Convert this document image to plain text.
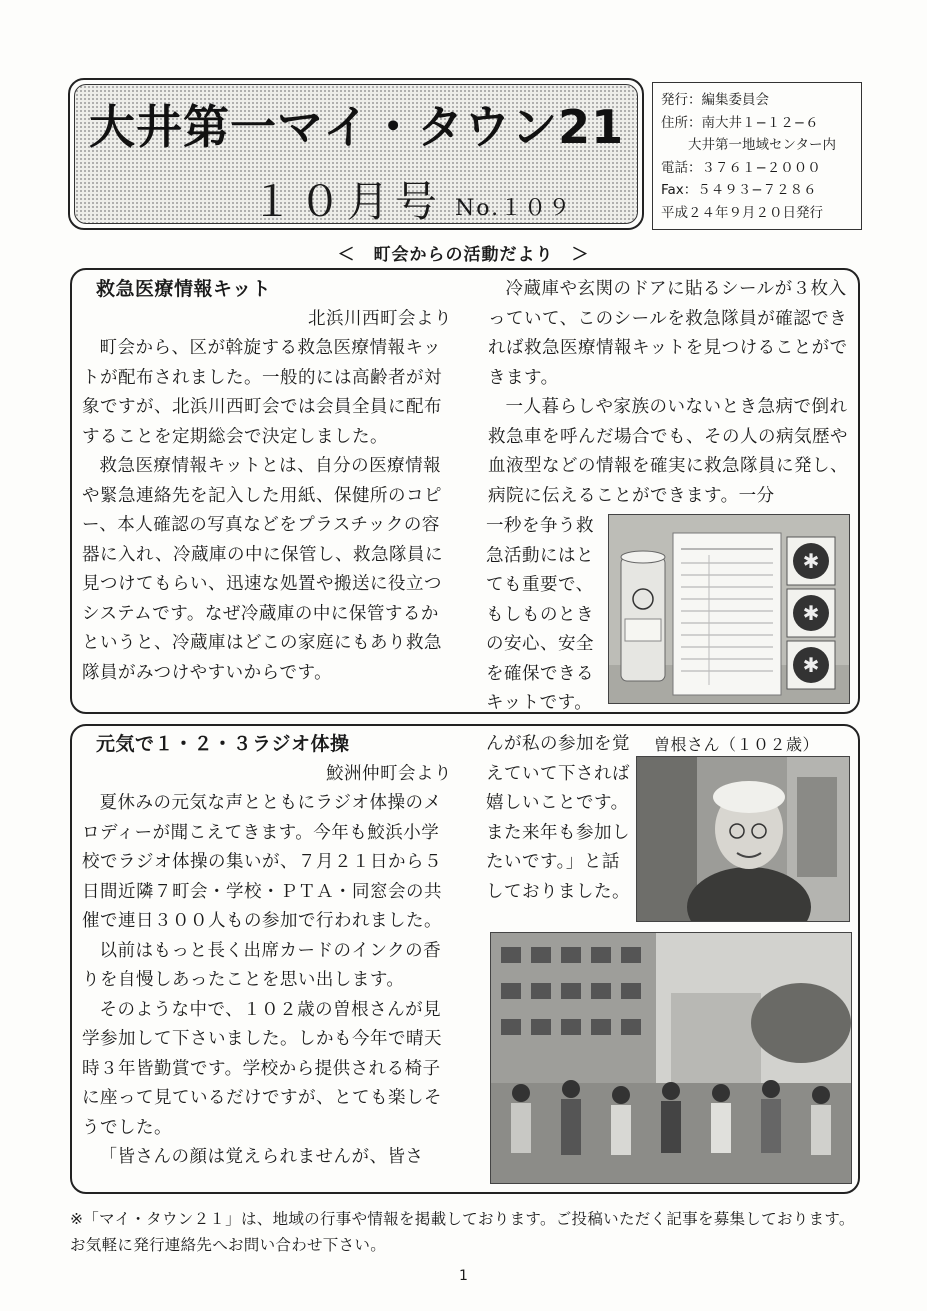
大井第一マイ・タウン21
１０月号 No.１０９
発行：編集委員会
住所：南大井１−１２−６
　　大井第一地域センター内
電話：３７６１−２０００
Fax：５４９３−７２８６
平成２４年９月２０日発行
＜　町会からの活動だより　＞

救急医療情報キット

北浜川西町会より

町会から、区が斡旋する救急医療情報キットが配布されました。一般的には高齢者が対象ですが、北浜川西町会では会員全員に配布することを定期総会で決定しました。

救急医療情報キットとは、自分の医療情報や緊急連絡先を記入した用紙、保健所のコピー、本人確認の写真などをプラスチックの容器に入れ、冷蔵庫の中に保管し、救急隊員に見つけてもらい、迅速な処置や搬送に役立つシステムです。なぜ冷蔵庫の中に保管するかというと、冷蔵庫はどこの家庭にもあり救急隊員がみつけやすいからです。

冷蔵庫や玄関のドアに貼るシールが３枚入っていて、このシールを救急隊員が確認できれば救急医療情報キットを見つけることができます。

一人暮らしや家族のいないとき急病で倒れ救急車を呼んだ場合でも、その人の病気歴や血液型などの情報を確実に救急隊員に発し、病院に伝えることができます。一分

一秒を争う救急活動にはとても重要で、もしものときの安心、安全を確保できるキットです。

✱
✱
✱

元気で１・２・３ラジオ体操

鮫洲仲町会より

夏休みの元気な声とともにラジオ体操のメロディーが聞こえてきます。今年も鮫浜小学校でラジオ体操の集いが、７月２１日から５日間近隣７町会・学校・ＰＴＡ・同窓会の共催で連日３００人もの参加で行われました。

以前はもっと長く出席カードのインクの香りを自慢しあったことを思い出します。

そのような中で、１０２歳の曽根さんが見学参加して下さいました。しかも今年で晴天時３年皆勤賞です。学校から提供される椅子に座って見ているだけですが、とても楽しそうでした。

「皆さんの顔は覚えられませんが、皆さ

んが私の参加を覚えていて下されば嬉しいことです。また来年も参加したいです。」と話しておりました。

曽根さん（１０２歳）
※「マイ・タウン２１」は、地域の行事や情報を掲載しております。ご投稿いただく記事を募集しております。お気軽に発行連絡先へお問い合わせ下さい。
1
